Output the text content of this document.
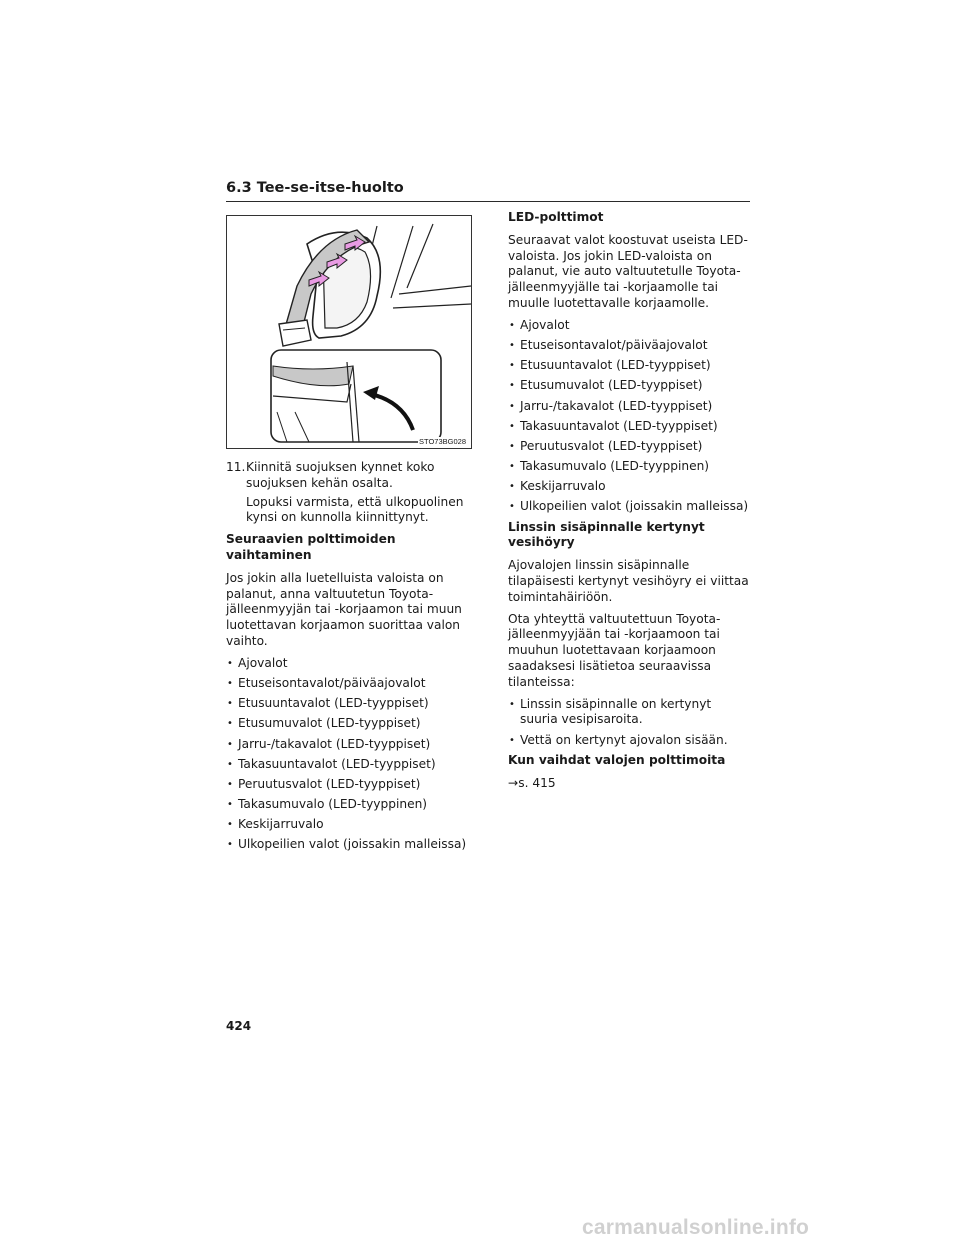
6.3 Tee-se-itse-huolto
STO73BG028
11. Kiinnitä suojuksen kynnet koko suojuksen kehän osalta.
Lopuksi varmista, että ulkopuolinen kynsi on kunnolla kiinnittynyt.
Seuraavien polttimoiden vaihtaminen
Jos jokin alla luetelluista valoista on palanut, anna valtuutetun Toyota-jälleenmyyjän tai -korjaamon tai muun luotettavan korjaamon suorittaa valon vaihto.
• Ajovalot
• Etuseisontavalot/päiväajovalot
• Etusuuntavalot (LED-tyyppiset)
• Etusumuvalot (LED-tyyppiset)
• Jarru-/takavalot (LED-tyyppiset)
• Takasuuntavalot (LED-tyyppiset)
• Peruutusvalot (LED-tyyppiset)
• Takasumuvalo (LED-tyyppinen)
• Keskijarruvalo
• Ulkopeilien valot (joissakin malleissa)
LED-polttimot
Seuraavat valot koostuvat useista LED-valoista. Jos jokin LED-valoista on palanut, vie auto valtuutetulle Toyota-jälleenmyyjälle tai -korjaamolle tai muulle luotettavalle korjaamolle.
• Ajovalot
• Etuseisontavalot/päiväajovalot
• Etusuuntavalot (LED-tyyppiset)
• Etusumuvalot (LED-tyyppiset)
• Jarru-/takavalot (LED-tyyppiset)
• Takasuuntavalot (LED-tyyppiset)
• Peruutusvalot (LED-tyyppiset)
• Takasumuvalo (LED-tyyppinen)
• Keskijarruvalo
• Ulkopeilien valot (joissakin malleissa)
Linssin sisäpinnalle kertynyt vesihöyry
Ajovalojen linssin sisäpinnalle tilapäisesti kertynyt vesihöyry ei viittaa toimintahäiriöön.
Ota yhteyttä valtuutettuun Toyota-jälleenmyyjään tai -korjaamoon tai muuhun luotettavaan korjaamoon saadaksesi lisätietoa seuraavissa tilanteissa:
• Linssin sisäpinnalle on kertynyt suuria vesipisaroita.
• Vettä on kertynyt ajovalon sisään.
Kun vaihdat valojen polttimoita
→s. 415
424
carmanualsonline.info
